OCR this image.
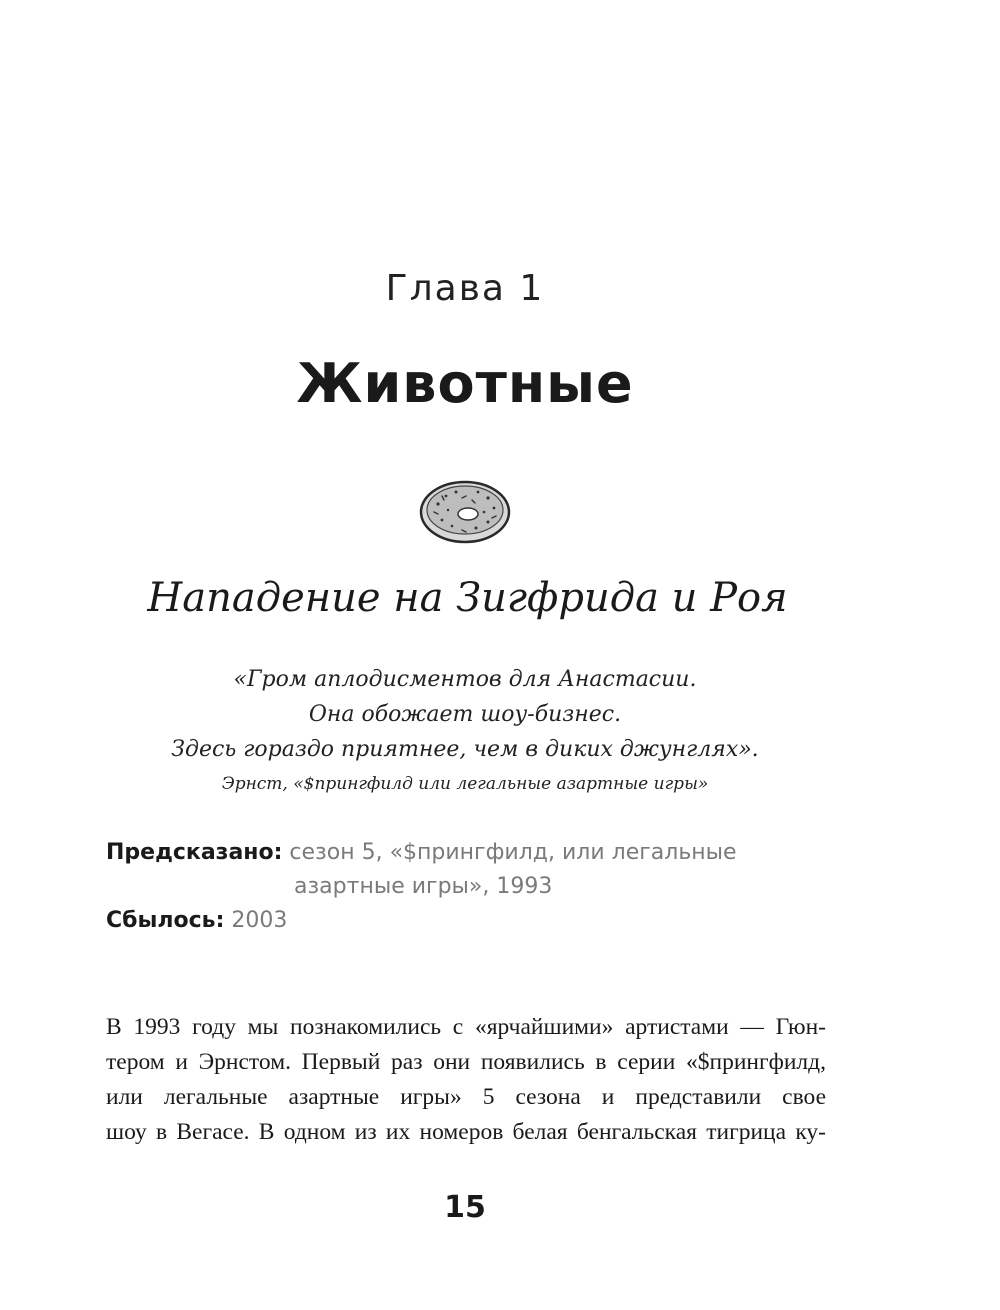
Глава 1
Животные
Нападение на Зигфрида и Роя
«Гром аплодисментов для Анастасии.
Она обожает шоу-бизнес.
Здесь гораздо приятнее, чем в диких джунглях».
Эрнст, «$прингфилд или легальные азартные игры»
Предсказано: сезон 5, «$прингфилд, или легальные
азартные игры», 1993
Сбылось: 2003
В 1993 году мы познакомились с «ярчайшими» артистами — Гюн-
тером и Эрнстом. Первый раз они появились в серии «$прингфилд,
или легальные азартные игры» 5 сезона и представили свое
шоу в Вегасе. В одном из их номеров белая бенгальская тигрица ку-
15
